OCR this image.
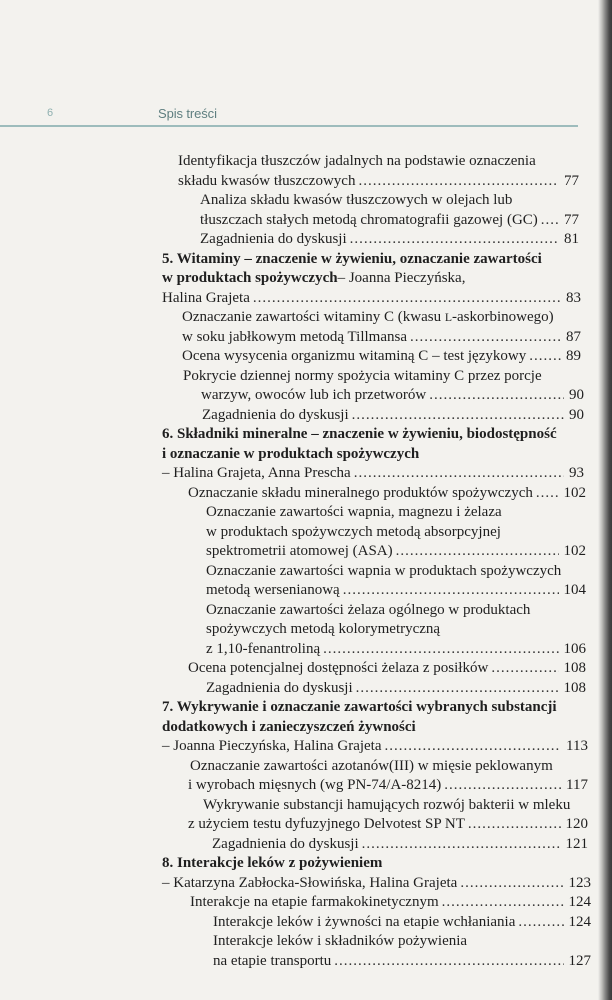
6	Spis treści
Identyfikacja tłuszczów jadalnych na podstawie oznaczenia
składu kwasów tłuszczowych .....	77
Analiza składu kwasów tłuszczowych w olejach lub
tłuszczach stałych metodą chromatografii gazowej (GC) ..... 77
Zagadnienia do dyskusji .....	81
5. Witaminy – znaczenie w żywieniu, oznaczanie zawartości
w produktach spożywczych – Joanna Pieczyńska,
Halina Grajeta .....	83
Oznaczanie zawartości witaminy C (kwasu L-askorbinowego)
w soku jabłkowym metodą Tillmansa .....	87
Ocena wysycenia organizmu witaminą C – test językowy .....	89
Pokrycie dziennej normy spożycia witaminy C przez porcje
warzyw, owoców lub ich przetworów .....	90
Zagadnienia do dyskusji .....	90
6. Składniki mineralne – znaczenie w żywieniu, biodostępność
i oznaczanie w produktach spożywczych
– Halina Grajeta, Anna Prescha .....	93
Oznaczanie składu mineralnego produktów spożywczych ..... 102
Oznaczanie zawartości wapnia, magnezu i żelaza
w produktach spożywczych metodą absorpcyjnej
spektrometrii atomowej (ASA) .....	102
Oznaczanie zawartości wapnia w produktach spożywczych
metodą wersenianową .....	104
Oznaczanie zawartości żelaza ogólnego w produktach
spożywczych metodą kolorymetryczną
z 1,10-fenantroliną .....	106
Ocena potencjalnej dostępności żelaza z posiłków .....	108
Zagadnienia do dyskusji .....	108
7. Wykrywanie i oznaczanie zawartości wybranych substancji
dodatkowych i zanieczyszczeń żywności
– Joanna Pieczyńska, Halina Grajeta .....	113
Oznaczanie zawartości azotanów(III) w mięsie peklowanym
i wyrobach mięsnych (wg PN-74/A-8214) .....	117
Wykrywanie substancji hamujących rozwój bakterii w mleku
z użyciem testu dyfuzyjnego Delvotest SP NT .....	120
Zagadnienia do dyskusji .....	121
8. Interakcje leków z pożywieniem
– Katarzyna Zabłocka-Słowińska, Halina Grajeta .....	123
Interakcje na etapie farmakokinetycznym .....	124
Interakcje leków i żywności na etapie wchłaniania .....	124
Interakcje leków i składników pożywienia
na etapie transportu .....	127
